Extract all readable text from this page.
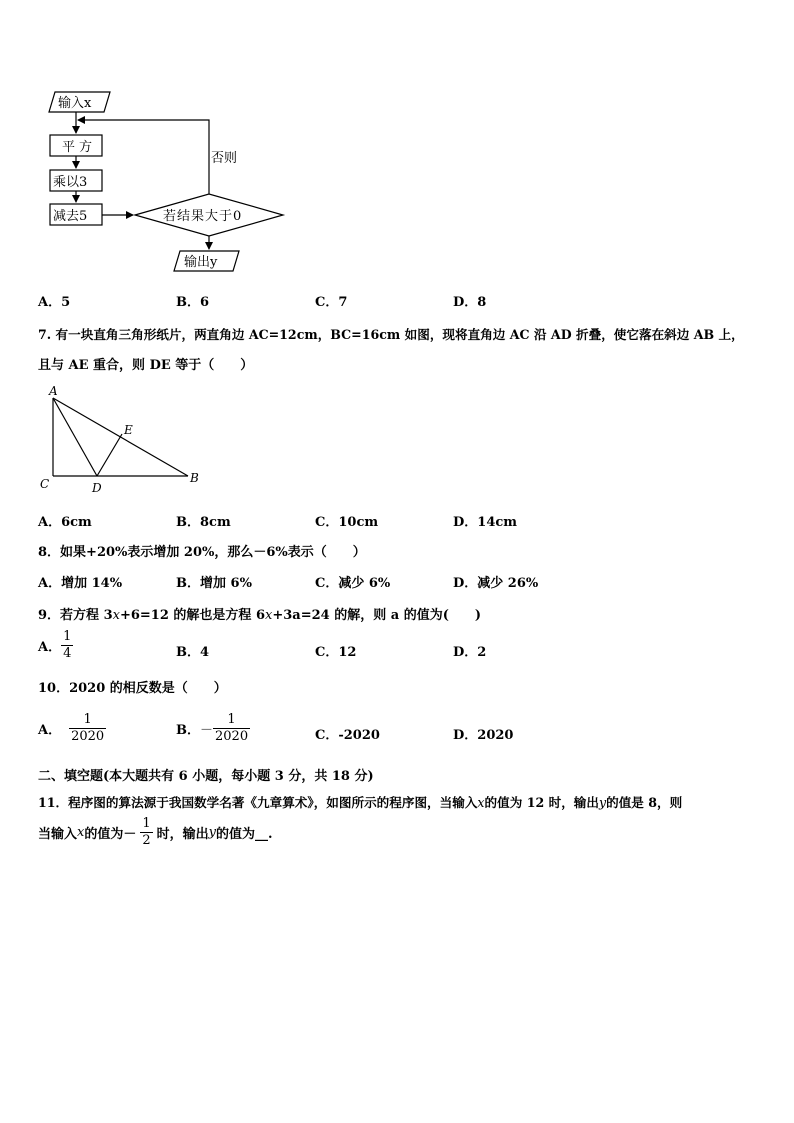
输入x
平方
乘以3
减去5	若结果大于0
否则
输出y
A．5	B．6	C．7	D．8
7. 有一块直角三角形纸片，两直角边 AC=12cm，BC=16cm 如图，现将直角边 AC 沿 AD 折叠，使它落在斜边 AB 上，
且与 AE 重合，则 DE 等于（　　）
A
E
C	D
B
A．6cm	B．8cm	C．10cm	D．14cm
8．如果+20%表示增加 20%，那么－6%表示（　　）
A．增加 14%	B．增加 6%	C．减少 6%	D．减少 26%
9．若方程 3x+6=12 的解也是方程 6x+3a=24 的解，则 a 的值为(　　)
A． $\frac{1}{4}$	B．4	C．12	D．2
10．2020 的相反数是（　　）
A． $\frac{1}{2020}$	B．－ $\frac{1}{2020}$	C．-2020	D．2020
二、填空题(本大题共有 6 小题，每小题 3 分，共 18 分)
11．程序图的算法源于我国数学名著《九章算术》，如图所示的程序图，当输入x的值为 12 时，输出y的值是 8，则
当输入x的值为－ $\frac{1}{2}$ 时，输出y的值为__.
